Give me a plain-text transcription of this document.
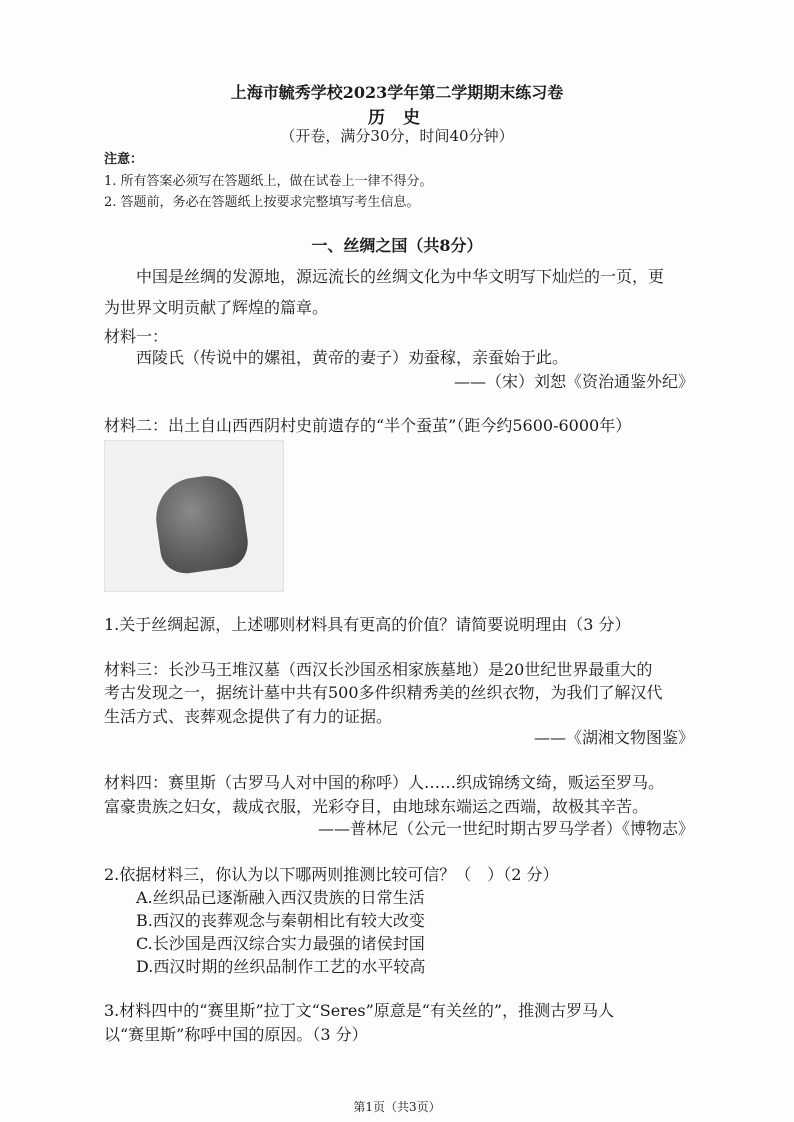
上海市毓秀学校2023学年第二学期期末练习卷
历 史
（开卷，满分30分，时间40分钟）
注意：
1. 所有答案必须写在答题纸上，做在试卷上一律不得分。
2. 答题前，务必在答题纸上按要求完整填写考生信息。
一、丝绸之国（共8分）
中国是丝绸的发源地，源远流长的丝绸文化为中华文明写下灿烂的一页，更
为世界文明贡献了辉煌的篇章。
材料一：
西陵氏（传说中的嫘祖，黄帝的妻子）劝蚕稼，亲蚕始于此。
——（宋）刘恕《资治通鉴外纪》
材料二：出土自山西西阴村史前遗存的“半个蚕茧”（距今约5600-6000年）
1.关于丝绸起源，上述哪则材料具有更高的价值？请简要说明理由（3 分）
材料三：长沙马王堆汉墓（西汉长沙国丞相家族墓地）是20世纪世界最重大的
考古发现之一，据统计墓中共有500多件织精秀美的丝织衣物，为我们了解汉代
生活方式、丧葬观念提供了有力的证据。
——《湖湘文物图鉴》
材料四：赛里斯（古罗马人对中国的称呼）人……织成锦绣文绮，贩运至罗马。
富豪贵族之妇女，裁成衣服，光彩夺目，由地球东端运之西端，故极其辛苦。
——普林尼（公元一世纪时期古罗马学者）《博物志》
2.依据材料三，你认为以下哪两则推测比较可信？（　）（2 分）
A.丝织品已逐渐融入西汉贵族的日常生活
B.西汉的丧葬观念与秦朝相比有较大改变
C.长沙国是西汉综合实力最强的诸侯封国
D.西汉时期的丝织品制作工艺的水平较高
3.材料四中的“赛里斯”拉丁文“Seres”原意是“有关丝的”，推测古罗马人
以“赛里斯”称呼中国的原因。（3 分）
第1页（共3页）
